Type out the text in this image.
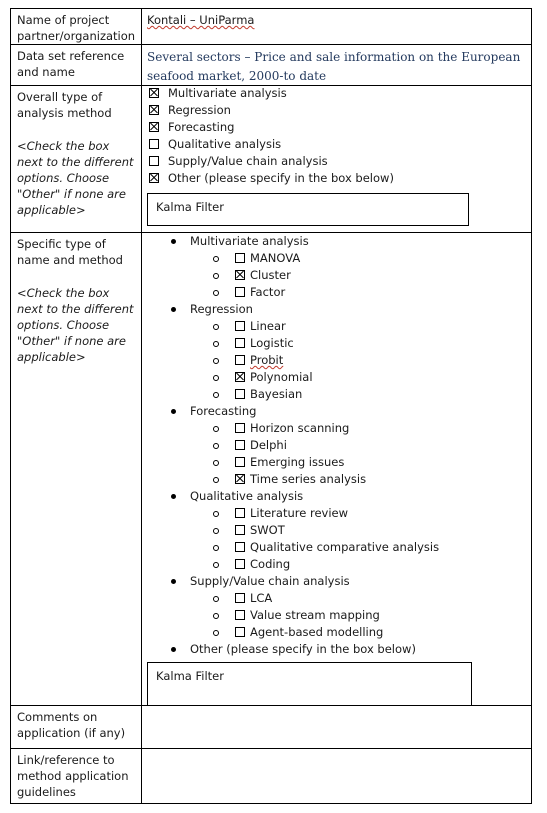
Name of project partner/organization
Kontali – UniParma
Data set reference and name
Several sectors – Price and sale information on the European seafood market, 2000-to date
Overall type of analysis method
<Check the box next to the different options. Choose "Other" if none are applicable>
Multivariate analysis
Regression
Forecasting
Qualitative analysis
Supply/Value chain analysis
Other (please specify in the box below)
Kalma Filter
Specific type of name and method
<Check the box next to the different options. Choose "Other" if none are applicable>
Multivariate analysis
MANOVA
Cluster
Factor
Regression
Linear
Logistic
Probit
Polynomial
Bayesian
Forecasting
Horizon scanning
Delphi
Emerging issues
Time series analysis
Qualitative analysis
Literature review
SWOT
Qualitative comparative analysis
Coding
Supply/Value chain analysis
LCA
Value stream mapping
Agent-based modelling
Other (please specify in the box below)
Kalma Filter
Comments on application (if any)
Link/reference to method application guidelines
